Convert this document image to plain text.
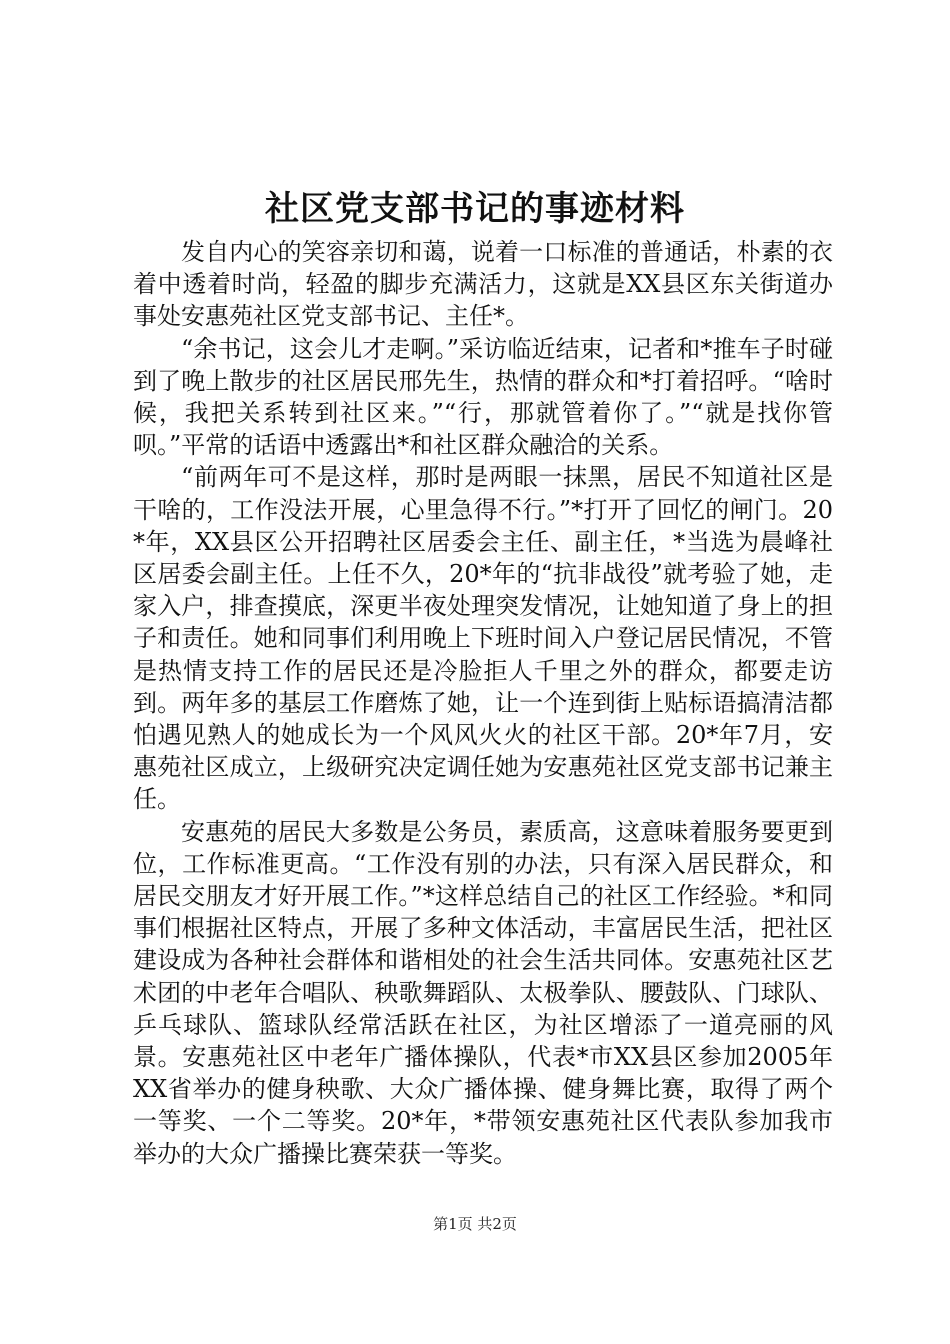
社区党支部书记的事迹材料

发自内心的笑容亲切和蔼，说着一口标准的普通话，朴素的衣着中透着时尚，轻盈的脚步充满活力，这就是XX县区东关街道办事处安惠苑社区党支部书记、主任*。

“余书记，这会儿才走啊。”采访临近结束，记者和*推车子时碰到了晚上散步的社区居民邢先生，热情的群众和*打着招呼。“啥时候，我把关系转到社区来。”“行，那就管着你了。”“就是找你管呗。”平常的话语中透露出*和社区群众融洽的关系。

“前两年可不是这样，那时是两眼一抹黑，居民不知道社区是干啥的，工作没法开展，心里急得不行。”*打开了回忆的闸门。20*年，XX县区公开招聘社区居委会主任、副主任，*当选为晨峰社区居委会副主任。上任不久，20*年的“抗非战役”就考验了她，走家入户，排查摸底，深更半夜处理突发情况，让她知道了身上的担子和责任。她和同事们利用晚上下班时间入户登记居民情况，不管是热情支持工作的居民还是冷脸拒人千里之外的群众，都要走访到。两年多的基层工作磨炼了她，让一个连到街上贴标语搞清洁都怕遇见熟人的她成长为一个风风火火的社区干部。20*年7月，安惠苑社区成立，上级研究决定调任她为安惠苑社区党支部书记兼主任。

安惠苑的居民大多数是公务员，素质高，这意味着服务要更到位，工作标准更高。“工作没有别的办法，只有深入居民群众，和居民交朋友才好开展工作。”*这样总结自己的社区工作经验。*和同事们根据社区特点，开展了多种文体活动，丰富居民生活，把社区建设成为各种社会群体和谐相处的社会生活共同体。安惠苑社区艺术团的中老年合唱队、秧歌舞蹈队、太极拳队、腰鼓队、门球队、乒乓球队、篮球队经常活跃在社区，为社区增添了一道亮丽的风景。安惠苑社区中老年广播体操队，代表*市XX县区参加2005年XX省举办的健身秧歌、大众广播体操、健身舞比赛，取得了两个一等奖、一个二等奖。20*年，*带领安惠苑社区代表队参加我市举办的大众广播操比赛荣获一等奖。

第1页 共2页
